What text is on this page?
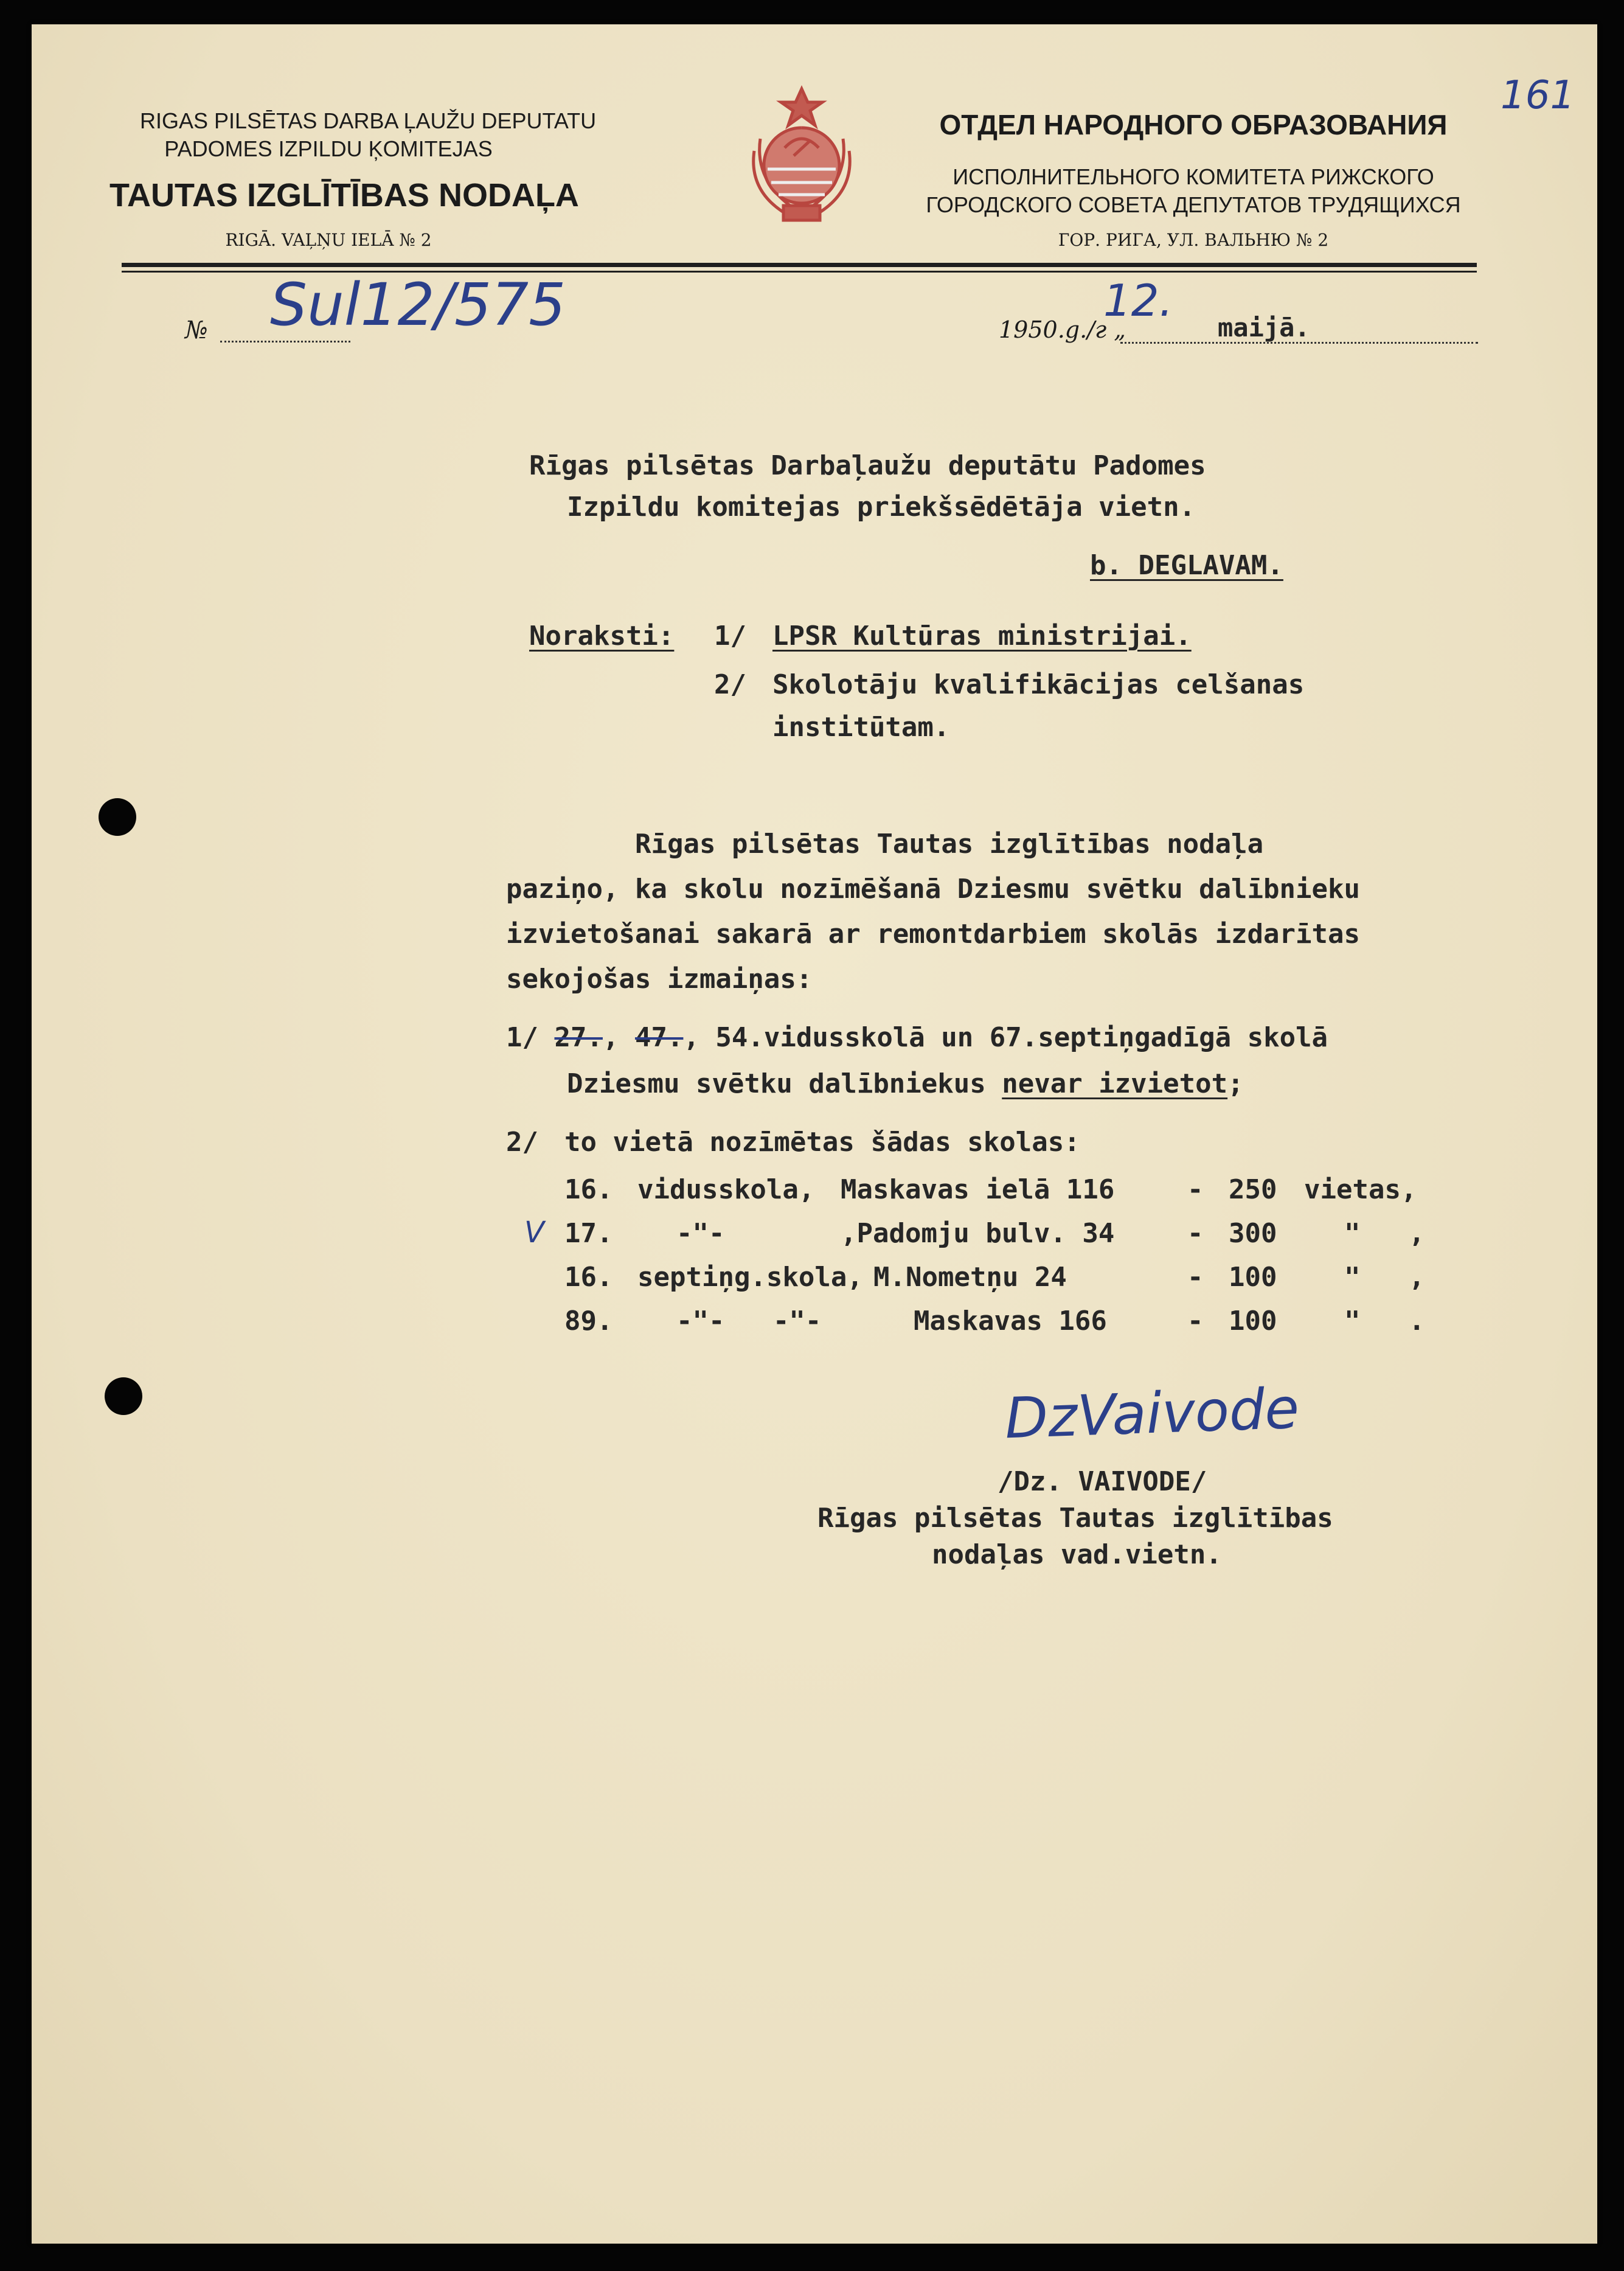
161
RIGAS PILSĒTAS DARBA ĻAUŽU DEPUTATU
PADOMES IZPILDU ĶOMITEJAS
TAUTAS IZGLĪTĪBAS NODAĻA
RIGĀ. VAĻŅU IELĀ № 2
ОТДЕЛ НАРОДНОГО ОБРАЗОВАНИЯ
ИСПОЛНИТЕЛЬНОГО КОМИТЕТА РИЖСКОГО
ГОРОДСКОГО СОВЕТА ДЕПУТАТОВ ТРУДЯЩИХСЯ
ГОР. РИГА, УЛ. ВАЛЬНЮ № 2
№ Sul12/575	1950.g./г „
12.
maijā.
Rīgas pilsētas Darbaļaužu deputātu Padomes
Izpildu komitejas priekšsēdētāja vietn.
b. DEGLAVAM.
Noraksti: 1/ LPSR Kultūras ministrijai.
2/ Skolotāju kvalifikācijas celšanas
institūtam.
Rīgas pilsētas Tautas izglītības nodaļa
paziņo, ka skolu nozīmēšanā Dziesmu svētku dalībnieku
izvietošanai sakarā ar remontdarbiem skolās izdarītas
sekojošas izmaiņas:
1/ 27., 47., 54.vidusskolā un 67.septiņgadīgā skolā
Dziesmu svētku dalībniekus nevar izvietot;
2/ to vietā nozīmētas šādas skolas:
16. vidusskola, Maskavas ielā 116	- 250 vietas,
V 17. -"-	,Padomju bulv. 34	- 300	"   ,
16. septiņg.skola, M.Nometņu 24	- 100	"   ,
89. -"-   -"-	Maskavas 166	- 100	"   .
DzVaivode
/Dz. VAIVODE/
Rīgas pilsētas Tautas izglītības
nodaļas vad.vietn.
